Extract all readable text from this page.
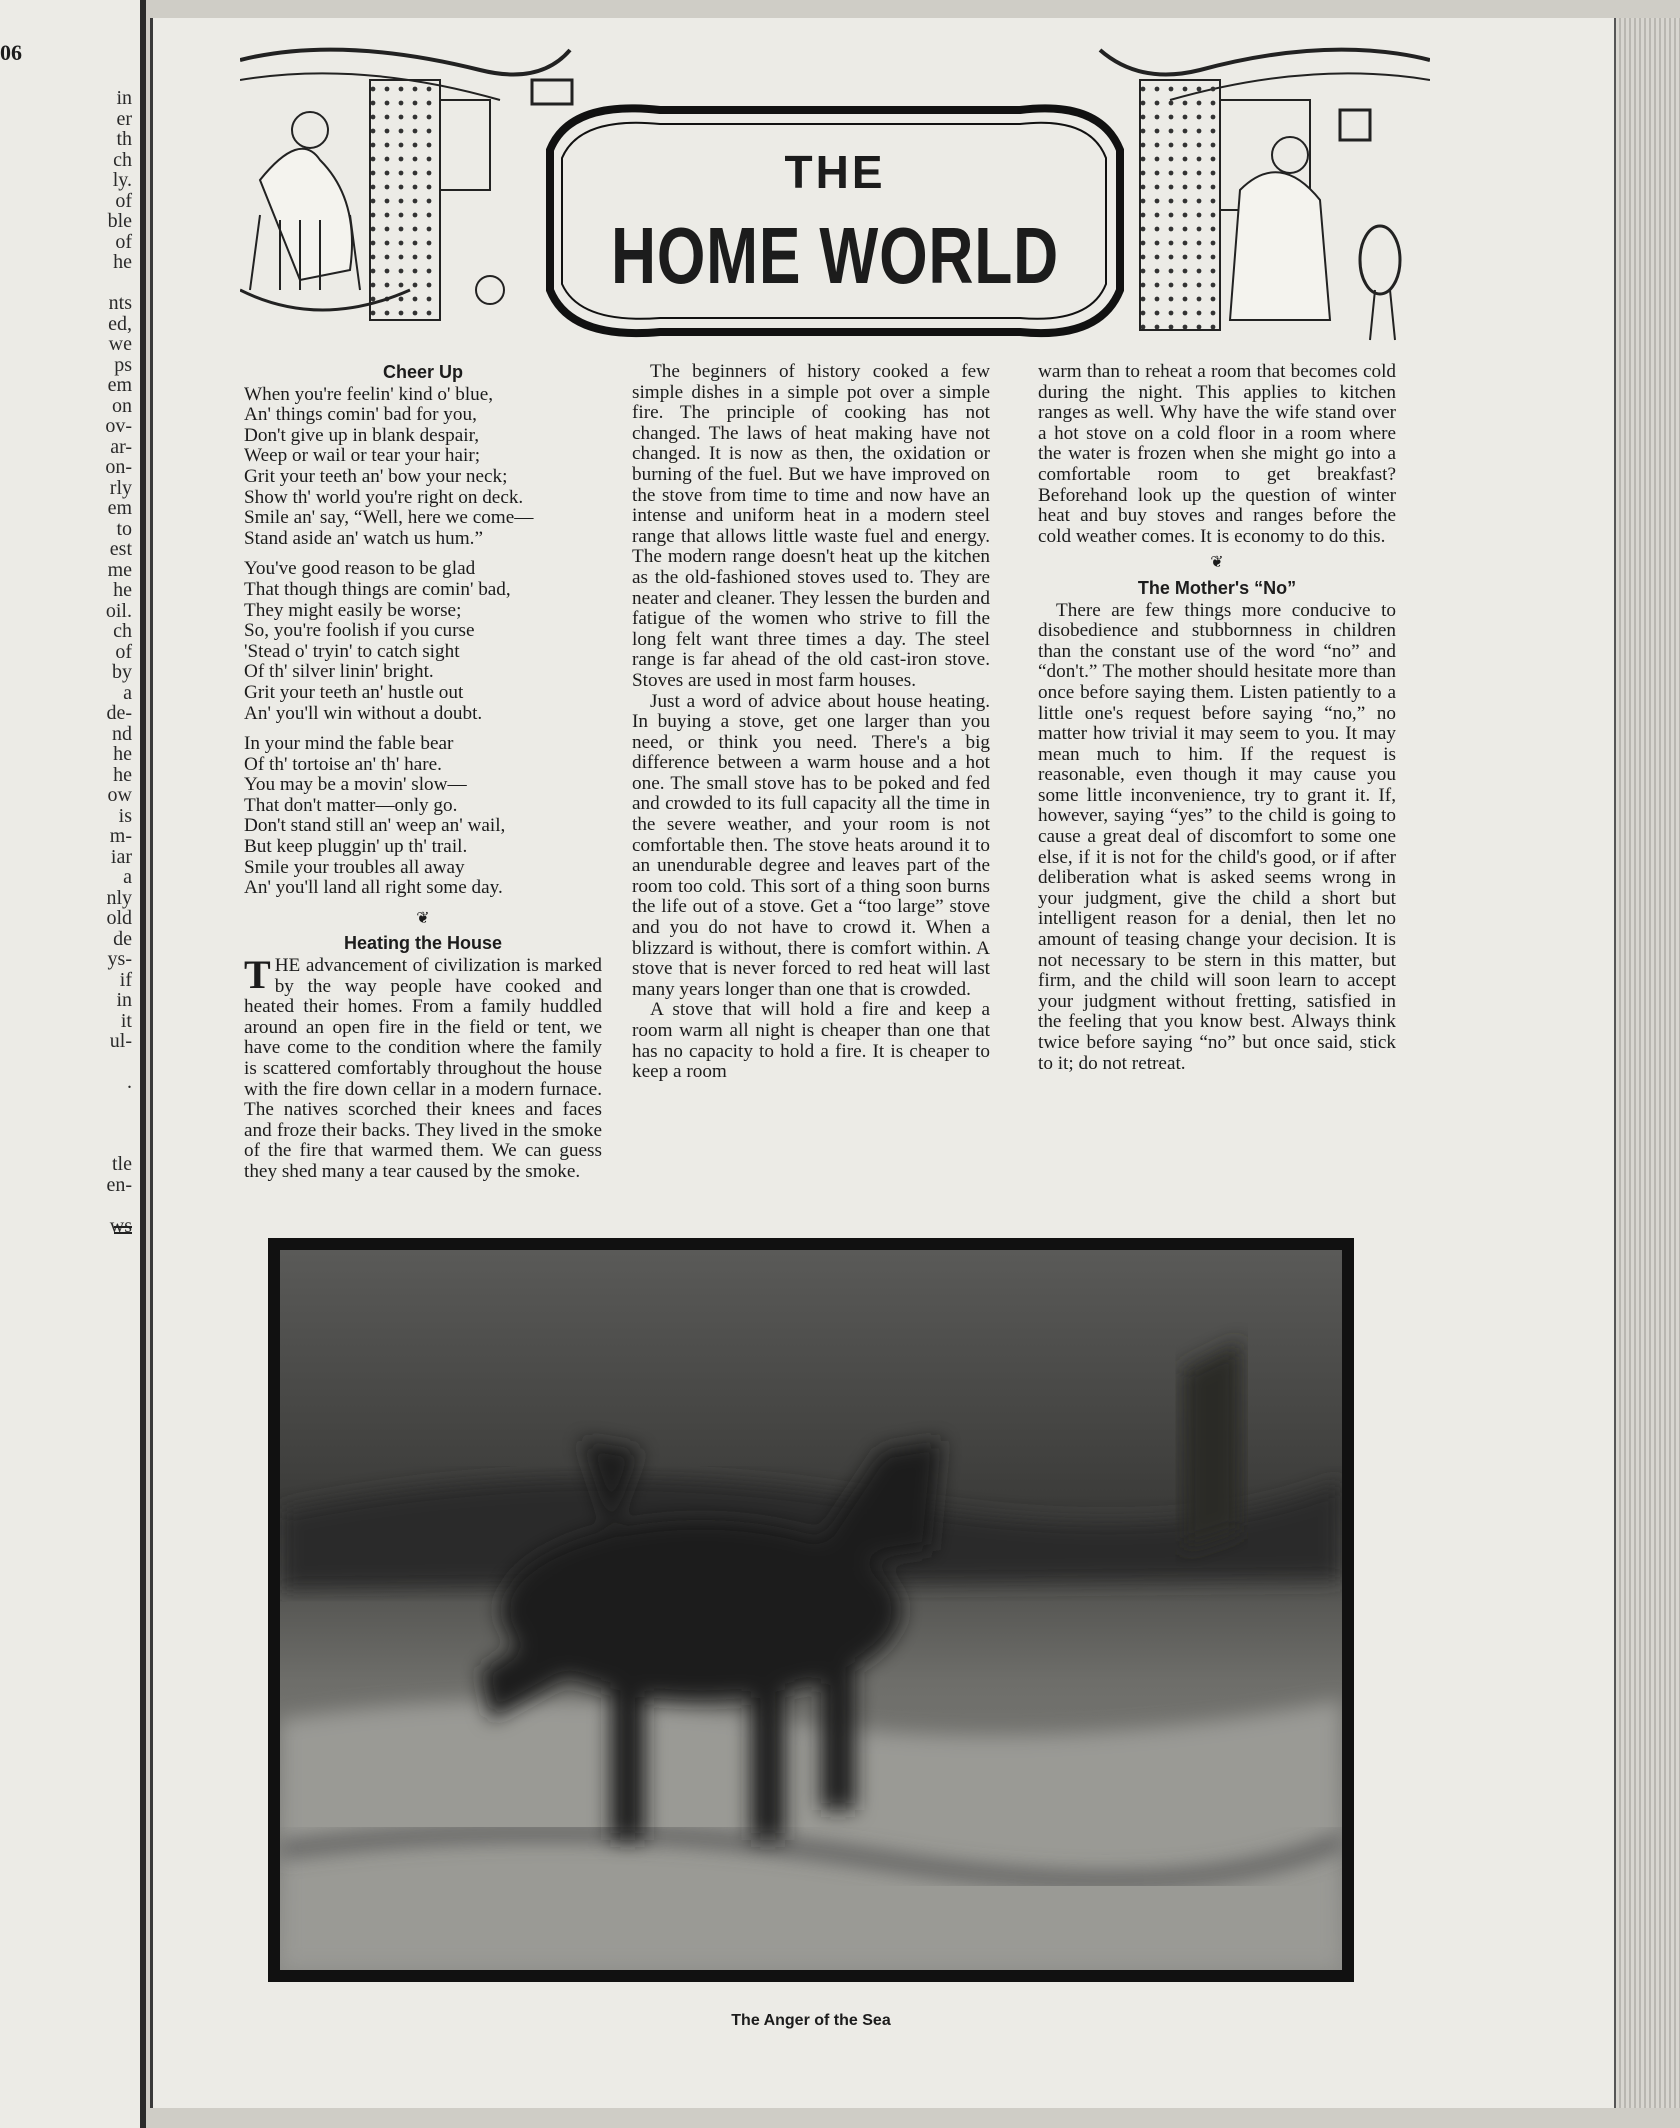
06
in
er
th
ch
ly.
of
ble
of
he

nts
ed,
we
ps
em
on
ov-
ar-
on-
rly
em
to
est
me
he
oil.
ch
of
by
a
de-
nd
he
he
ow
is
m-
iar
a
nly
old
de
ys-
if
in
it
ul-

.

tle
en-

ws
THE
HOME WORLD
Cheer Up
When you're feelin' kind o' blue,
An' things comin' bad for you,
Don't give up in blank despair,
Weep or wail or tear your hair;
Grit your teeth an' bow your neck;
Show th' world you're right on deck.
Smile an' say, “Well, here we come—
Stand aside an' watch us hum.”
You've good reason to be glad
That though things are comin' bad,
They might easily be worse;
So, you're foolish if you curse
'Stead o' tryin' to catch sight
Of th' silver linin' bright.
Grit your teeth an' hustle out
An' you'll win without a doubt.
In your mind the fable bear
Of th' tortoise an' th' hare.
You may be a movin' slow—
That don't matter—only go.
Don't stand still an' weep an' wail,
But keep pluggin' up th' trail.
Smile your troubles all away
An' you'll land all right some day.
❦
Heating the House

THE advancement of civilization is marked by the way people have cooked and heated their homes. From a family huddled around an open fire in the field or tent, we have come to the condition where the family is scattered comfortably throughout the house with the fire down cellar in a modern furnace. The natives scorched their knees and faces and froze their backs. They lived in the smoke of the fire that warmed them. We can guess they shed many a tear caused by the smoke.

The beginners of history cooked a few simple dishes in a simple pot over a simple fire. The principle of cooking has not changed. The laws of heat making have not changed. It is now as then, the oxidation or burning of the fuel. But we have improved on the stove from time to time and now have an intense and uniform heat in a modern steel range that allows little waste fuel and energy. The modern range doesn't heat up the kitchen as the old-fashioned stoves used to. They are neater and cleaner. They lessen the burden and fatigue of the women who strive to fill the long felt want three times a day. The steel range is far ahead of the old cast-iron stove. Stoves are used in most farm houses.

Just a word of advice about house heating. In buying a stove, get one larger than you need, or think you need. There's a big difference between a warm house and a hot one. The small stove has to be poked and fed and crowded to its full capacity all the time in the severe weather, and your room is not comfortable then. The stove heats around it to an unendurable degree and leaves part of the room too cold. This sort of a thing soon burns the life out of a stove. Get a “too large” stove and you do not have to crowd it. When a blizzard is without, there is comfort within. A stove that is never forced to red heat will last many years longer than one that is crowded.

A stove that will hold a fire and keep a room warm all night is cheaper than one that has no capacity to hold a fire. It is cheaper to keep a room

warm than to reheat a room that becomes cold during the night. This applies to kitchen ranges as well. Why have the wife stand over a hot stove on a cold floor in a room where the water is frozen when she might go into a comfortable room to get breakfast? Beforehand look up the question of winter heat and buy stoves and ranges before the cold weather comes. It is economy to do this.

❦
The Mother's “No”

There are few things more conducive to disobedience and stubbornness in children than the constant use of the word “no” and “don't.” The mother should hesitate more than once before saying them. Listen patiently to a little one's request before saying “no,” no matter how trivial it may seem to you. It may mean much to him. If the request is reasonable, even though it may cause you some little inconvenience, try to grant it. If, however, saying “yes” to the child is going to cause a great deal of discomfort to some one else, if it is not for the child's good, or if after deliberation what is asked seems wrong in your judgment, give the child a short but intelligent reason for a denial, then let no amount of teasing change your decision. It is not necessary to be stern in this matter, but firm, and the child will soon learn to accept your judgment without fretting, satisfied in the feeling that you know best. Always think twice before saying “no” but once said, stick to it; do not retreat.

The Anger of the Sea
